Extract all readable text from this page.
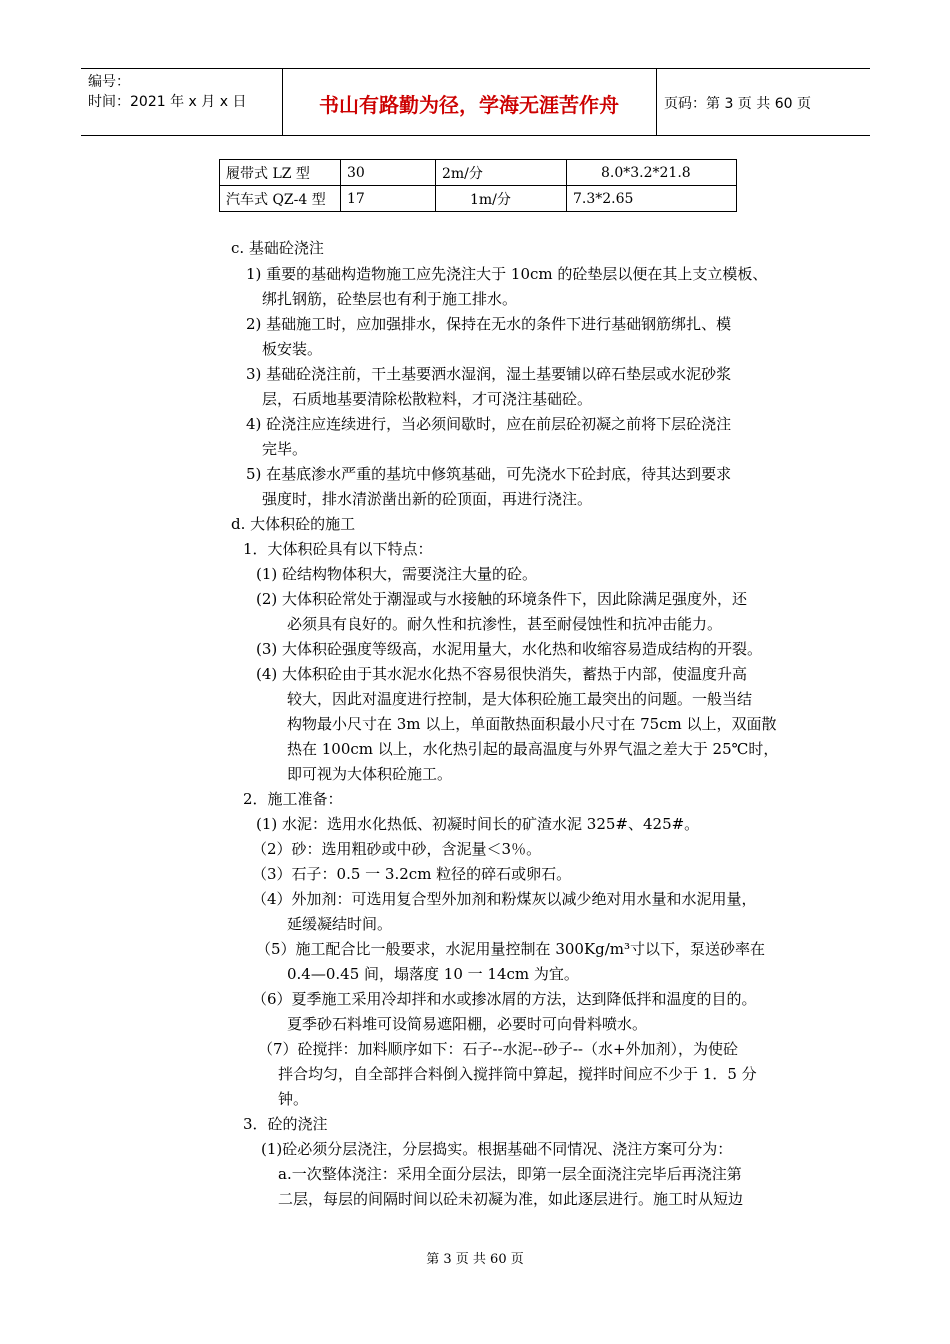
编号：
时间：2021 年 x 月 x 日	书山有路勤为径，学海无涯苦作舟	页码：第 3 页 共 60 页
履带式 LZ 型	30	2m/分	8.0*3.2*21.8
汽车式 QZ-4 型	17	1m/分	7.3*2.65
c. 基础砼浇注
1) 重要的基础构造物施工应先浇注大于 10cm 的砼垫层以便在其上支立模板、
绑扎钢筋，砼垫层也有利于施工排水。
2) 基础施工时，应加强排水，保持在无水的条件下进行基础钢筋绑扎、模
板安装。
3) 基础砼浇注前，干土基要洒水湿润，湿土基要铺以碎石垫层或水泥砂浆
层，石质地基要清除松散粒料，才可浇注基础砼。
4) 砼浇注应连续进行，当必须间歇时，应在前层砼初凝之前将下层砼浇注
完毕。
5) 在基底渗水严重的基坑中修筑基础，可先浇水下砼封底，待其达到要求
强度时，排水清淤凿出新的砼顶面，再进行浇注。
d. 大体积砼的施工
1．大体积砼具有以下特点：
(1) 砼结构物体积大，需要浇注大量的砼。
(2) 大体积砼常处于潮湿或与水接触的环境条件下，因此除满足强度外，还
必须具有良好的。耐久性和抗渗性，甚至耐侵蚀性和抗冲击能力。
(3) 大体积砼强度等级高，水泥用量大，水化热和收缩容易造成结构的开裂。
(4) 大体积砼由于其水泥水化热不容易很快消失，蓄热于内部，使温度升高
较大，因此对温度进行控制，是大体积砼施工最突出的问题。一般当结
构物最小尺寸在 3m 以上，单面散热面积最小尺寸在 75cm 以上，双面散
热在 100cm 以上，水化热引起的最高温度与外界气温之差大于 25℃时，
即可视为大体积砼施工。
2．施工准备：
(1) 水泥：选用水化热低、初凝时间长的矿渣水泥 325#、425#。
（2）砂：选用粗砂或中砂，含泥量＜3％。
（3）石子：0.5 一 3.2cm 粒径的碎石或卵石。
（4）外加剂：可选用复合型外加剂和粉煤灰以减少绝对用水量和水泥用量，
延缓凝结时间。
（5）施工配合比一般要求，水泥用量控制在 300Kg/m³寸以下，泵送砂率在
0.4—0.45 间，塌落度 10 一 14cm 为宜。
（6）夏季施工采用冷却拌和水或掺冰屑的方法，达到降低拌和温度的目的。
夏季砂石料堆可设简易遮阳棚，必要时可向骨料喷水。
（7）砼搅拌：加料顺序如下：石子--水泥--砂子--（水+外加剂），为使砼
拌合均匀，自全部拌合料倒入搅拌筒中算起，搅拌时间应不少于 1．5 分
钟。
3．砼的浇注
(1)砼必须分层浇注，分层捣实。根据基础不同情况、浇注方案可分为：
a.一次整体浇注：采用全面分层法，即第一层全面浇注完毕后再浇注第
二层，每层的间隔时间以砼未初凝为准，如此逐层进行。施工时从短边
第 3 页 共 60 页
